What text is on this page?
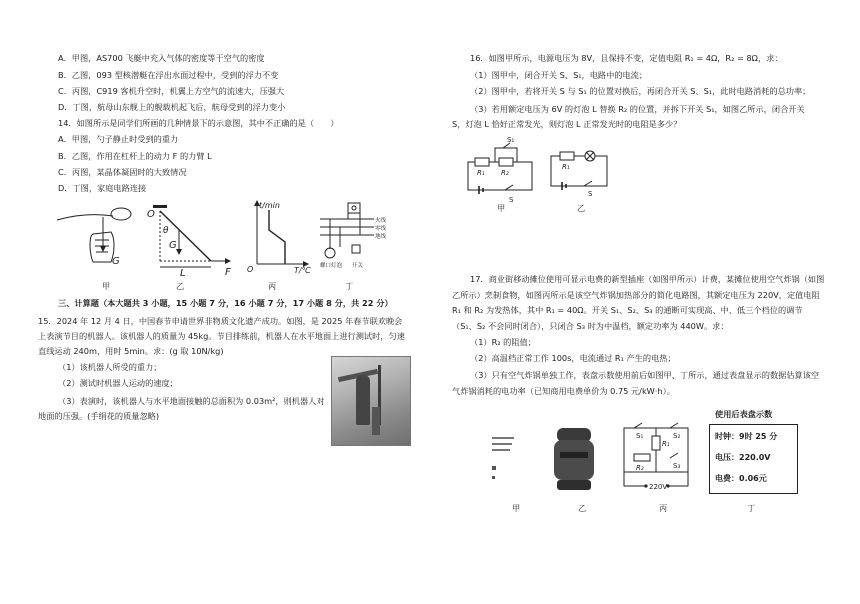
A．甲图，AS700 飞艇中充入气体的密度等于空气的密度
B．乙图，093 型核潜艇在浮出水面过程中，受到的浮力不变
C．丙图，C919 客机升空时，机翼上方空气的流速大，压强大
D．丁图，航母山东舰上的舰载机起飞后，航母受到的浮力变小
14．如图所示是同学们所画的几种情景下的示意图，其中不正确的是（　　）
A．甲图，勺子静止时受到的重力
B．乙图，作用在杠杆上的动力 F 的力臂 L
C．丙图，某晶体凝固时的大致情况
D．丁图，家庭电路连接
G
O
θ
G
L	F
t/min
O	T/℃
火线
零线
地线
螺口灯泡 开关
甲	乙	丙	丁
三、计算题（本大题共 3 小题，15 小题 7 分，16 小题 7 分，17 小题 8 分，共 22 分）
15．2024 年 12 月 4 日，中国春节申请世界非物质文化遗产成功。如图，是 2025 年春节联欢晚会上表演节目的机器人。该机器人的质量为 45kg。节目排练前，机器人在水平地面上进行测试时，匀速直线运动 240m，用时 5min。求：(g 取 10N/kg)
（1）该机器人所受的重力；
（2）测试时机器人运动的速度；
（3）表演时，该机器人与水平地面接触的总面积为 0.03m²，则机器人对地面的压强。(手绢花的质量忽略)
16．如图甲所示，电源电压为 8V，且保持不变，定值电阻 R₁ = 4Ω，R₂ = 8Ω，求：
（1）图甲中，闭合开关 S、S₁，电路中的电流；
（2）图甲中，若将开关 S 与 S₁ 的位置对换后，再闭合开关 S、S₁，此时电路消耗的总功率；
（3）若用额定电压为 6V 的灯泡 L 替换 R₂ 的位置，并拆下开关 S₁，如图乙所示，闭合开关 S，灯泡 L 恰好正常发光，则灯泡 L 正常发光时的电阻是多少？
R₁ R₂
S₁
S
R₁
S
甲	乙
17．商业街移动摊位使用可显示电费的新型插座（如图甲所示）计费，某摊位使用空气炸锅（如图乙所示）烹制食物，如图丙所示是该空气炸锅加热部分的简化电路图，其额定电压为 220V，定值电阻 R₁ 和 R₂ 为发热体，其中 R₁ = 40Ω。开关 S₁、S₂、S₃ 的通断可实现高、中、低三个档位的调节（S₁、S₂ 不会同时闭合），只闭合 S₃ 时为中温档，额定功率为 440W。求：
（1）R₂ 的阻值；
（2）高温档正常工作 100s，电流通过 R₁ 产生的电热；
（3）只有空气炸锅单独工作，表盘示数使用前后如图甲、丁所示，通过表盘显示的数据估算该空气炸锅消耗的电功率（已知商用电费单价为 0.75 元/kW·h）。
S₁	S₂
R₁
R₂	S₃
220V
使用后表盘示数
时钟：9时 25 分
电压：220.0V
电费：0.06元
甲	乙	丙	丁
